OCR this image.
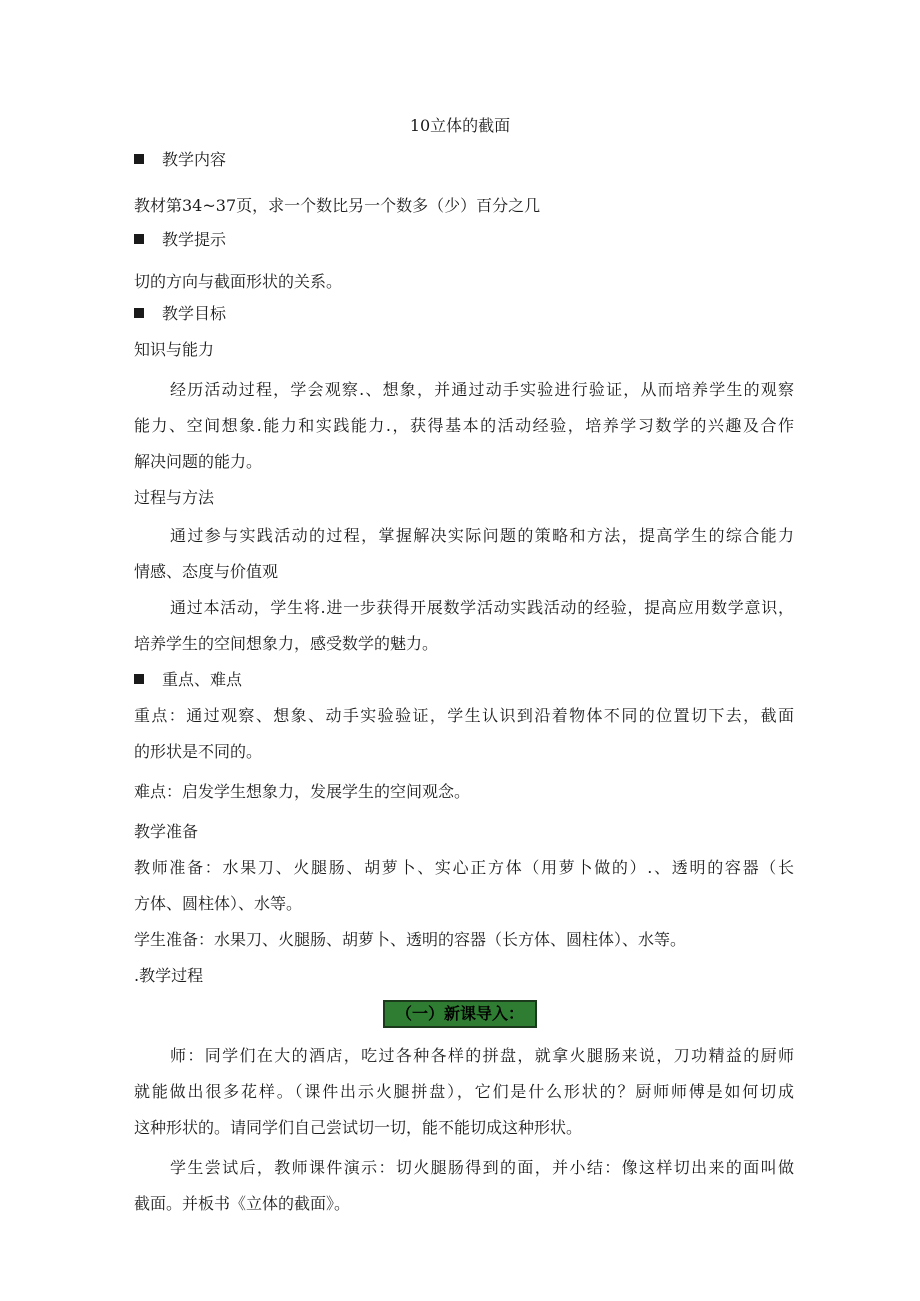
10立体的截面
教学内容
教材第34~37页，求一个数比另一个数多（少）百分之几
教学提示
切的方向与截面形状的关系。
教学目标
知识与能力
经历活动过程，学会观察.、想象，并通过动手实验进行验证，从而培养学生的观察
能力、空间想象.能力和实践能力.，获得基本的活动经验，培养学习数学的兴趣及合作
解决问题的能力。
过程与方法
通过参与实践活动的过程，掌握解决实际问题的策略和方法，提高学生的综合能力
情感、态度与价值观
通过本活动，学生将.进一步获得开展数学活动实践活动的经验，提高应用数学意识，
培养学生的空间想象力，感受数学的魅力。
重点、难点
重点：通过观察、想象、动手实验验证，学生认识到沿着物体不同的位置切下去，截面
的形状是不同的。
难点：启发学生想象力，发展学生的空间观念。
教学准备
教师准备：水果刀、火腿肠、胡萝卜、实心正方体（用萝卜做的）.、透明的容器（长
方体、圆柱体）、水等。
学生准备：水果刀、火腿肠、胡萝卜、透明的容器（长方体、圆柱体）、水等。
.教学过程
（一）新课导入：
师：同学们在大的酒店，吃过各种各样的拼盘，就拿火腿肠来说，刀功精益的厨师
就能做出很多花样。（课件出示火腿拼盘），它们是什么形状的？厨师师傅是如何切成
这种形状的。请同学们自己尝试切一切，能不能切成这种形状。
学生尝试后，教师课件演示：切火腿肠得到的面，并小结：像这样切出来的面叫做
截面。并板书《立体的截面》。
